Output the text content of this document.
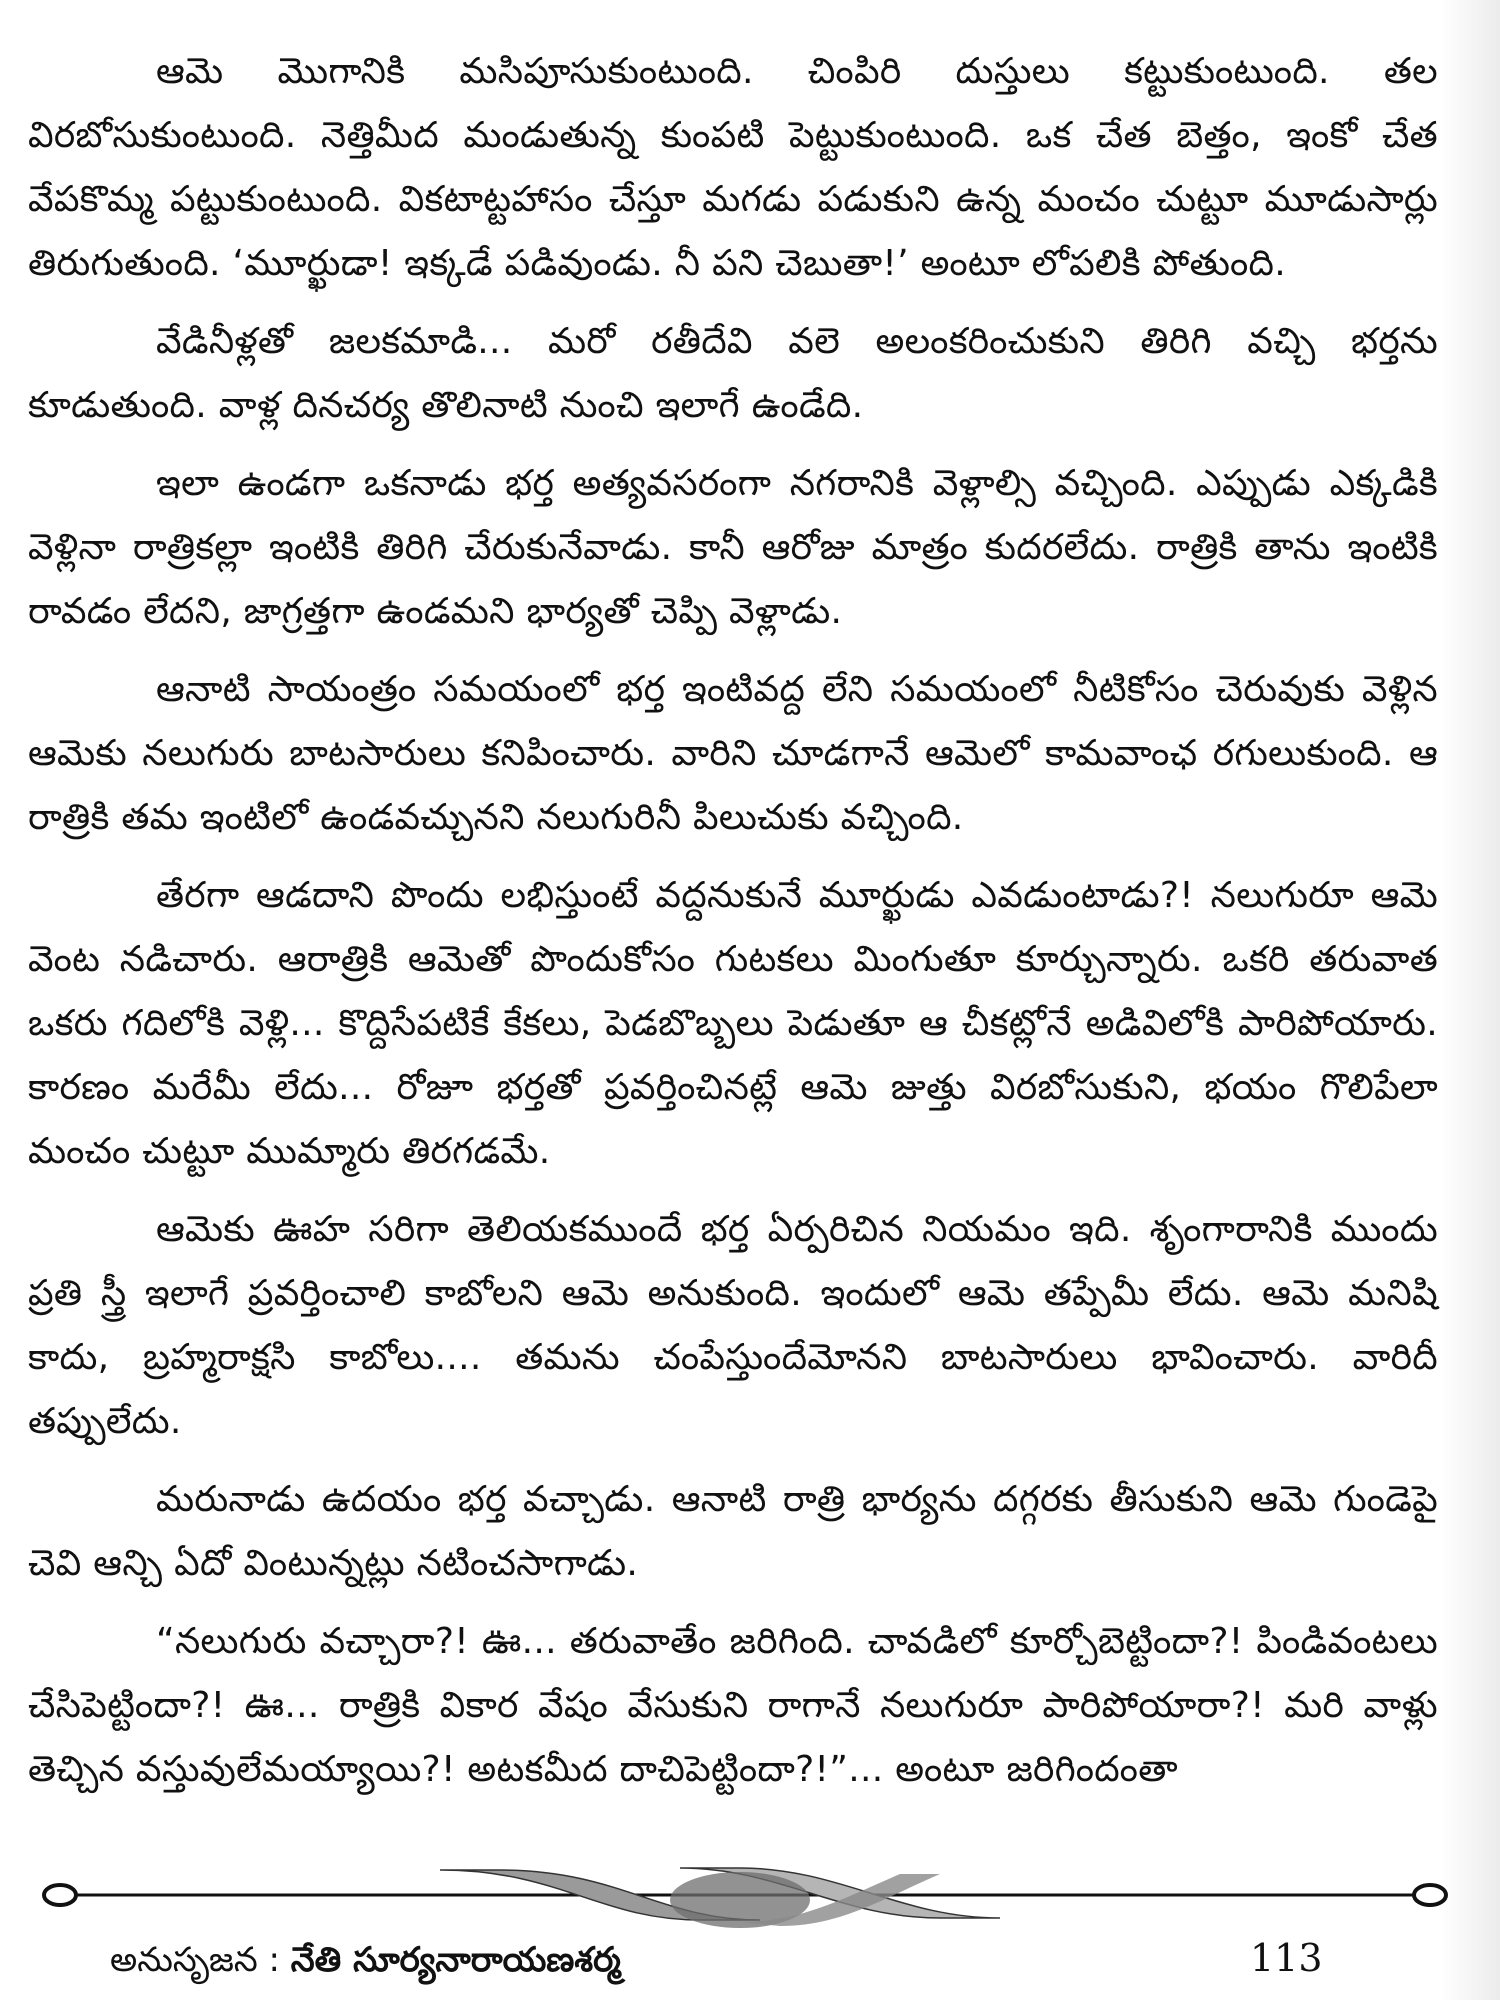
ఆమె మొగానికి మసిపూసుకుంటుంది. చింపిరి దుస్తులు కట్టుకుంటుంది. తల విరబోసుకుంటుంది. నెత్తిమీద మండుతున్న కుంపటి పెట్టుకుంటుంది. ఒక చేత బెత్తం, ఇంకో చేత వేపకొమ్మ పట్టుకుంటుంది. వికటాట్టహాసం చేస్తూ మగడు పడుకుని ఉన్న మంచం చుట్టూ మూడుసార్లు తిరుగుతుంది. ‘మూర్ఖుడా! ఇక్కడే పడివుండు. నీ పని చెబుతా!’ అంటూ లోపలికి పోతుంది.

వేడినీళ్లతో జలకమాడి... మరో రతీదేవి వలె అలంకరించుకుని తిరిగి వచ్చి భర్తను కూడుతుంది. వాళ్ల దినచర్య తొలినాటి నుంచి ఇలాగే ఉండేది.

ఇలా ఉండగా ఒకనాడు భర్త అత్యవసరంగా నగరానికి వెళ్లాల్సి వచ్చింది. ఎప్పుడు ఎక్కడికి వెళ్లినా రాత్రికల్లా ఇంటికి తిరిగి చేరుకునేవాడు. కానీ ఆరోజు మాత్రం కుదరలేదు. రాత్రికి తాను ఇంటికి రావడం లేదని, జాగ్రత్తగా ఉండమని భార్యతో చెప్పి వెళ్లాడు.

ఆనాటి సాయంత్రం సమయంలో భర్త ఇంటివద్ద లేని సమయంలో నీటికోసం చెరువుకు వెళ్లిన ఆమెకు నలుగురు బాటసారులు కనిపించారు. వారిని చూడగానే ఆమెలో కామవాంఛ రగులుకుంది. ఆ రాత్రికి తమ ఇంటిలో ఉండవచ్చునని నలుగురినీ పిలుచుకు వచ్చింది.

తేరగా ఆడదాని పొందు లభిస్తుంటే వద్దనుకునే మూర్ఖుడు ఎవడుంటాడు?! నలుగురూ ఆమె వెంట నడిచారు. ఆరాత్రికి ఆమెతో పొందుకోసం గుటకలు మింగుతూ కూర్చున్నారు. ఒకరి తరువాత ఒకరు గదిలోకి వెళ్లి... కొద్దిసేపటికే కేకలు, పెడబొబ్బలు పెడుతూ ఆ చీకట్లోనే అడివిలోకి పారిపోయారు. కారణం మరేమీ లేదు... రోజూ భర్తతో ప్రవర్తించినట్లే ఆమె జుత్తు విరబోసుకుని, భయం గొలిపేలా మంచం చుట్టూ ముమ్మారు తిరగడమే.

ఆమెకు ఊహ సరిగా తెలియకముందే భర్త ఏర్పరిచిన నియమం ఇది. శృంగారానికి ముందు ప్రతి స్త్రీ ఇలాగే ప్రవర్తించాలి కాబోలని ఆమె అనుకుంది. ఇందులో ఆమె తప్పేమీ లేదు. ఆమె మనిషి కాదు, బ్రహ్మరాక్షసి కాబోలు.... తమను చంపేస్తుందేమోనని బాటసారులు భావించారు. వారిదీ తప్పులేదు.

మరునాడు ఉదయం భర్త వచ్చాడు. ఆనాటి రాత్రి భార్యను దగ్గరకు తీసుకుని ఆమె గుండెపై చెవి ఆన్చి ఏదో వింటున్నట్లు నటించసాగాడు.

“నలుగురు వచ్చారా?! ఊ... తరువాతేం జరిగింది. చావడిలో కూర్చోబెట్టిందా?! పిండివంటలు చేసిపెట్టిందా?! ఊ... రాత్రికి వికార వేషం వేసుకుని రాగానే నలుగురూ పారిపోయారా?! మరి వాళ్లు తెచ్చిన వస్తువులేమయ్యాయి?! అటకమీద దాచిపెట్టిందా?!”... అంటూ జరిగిందంతా

అనుసృజన : నేతి సూర్యనారాయణశర్మ	113
